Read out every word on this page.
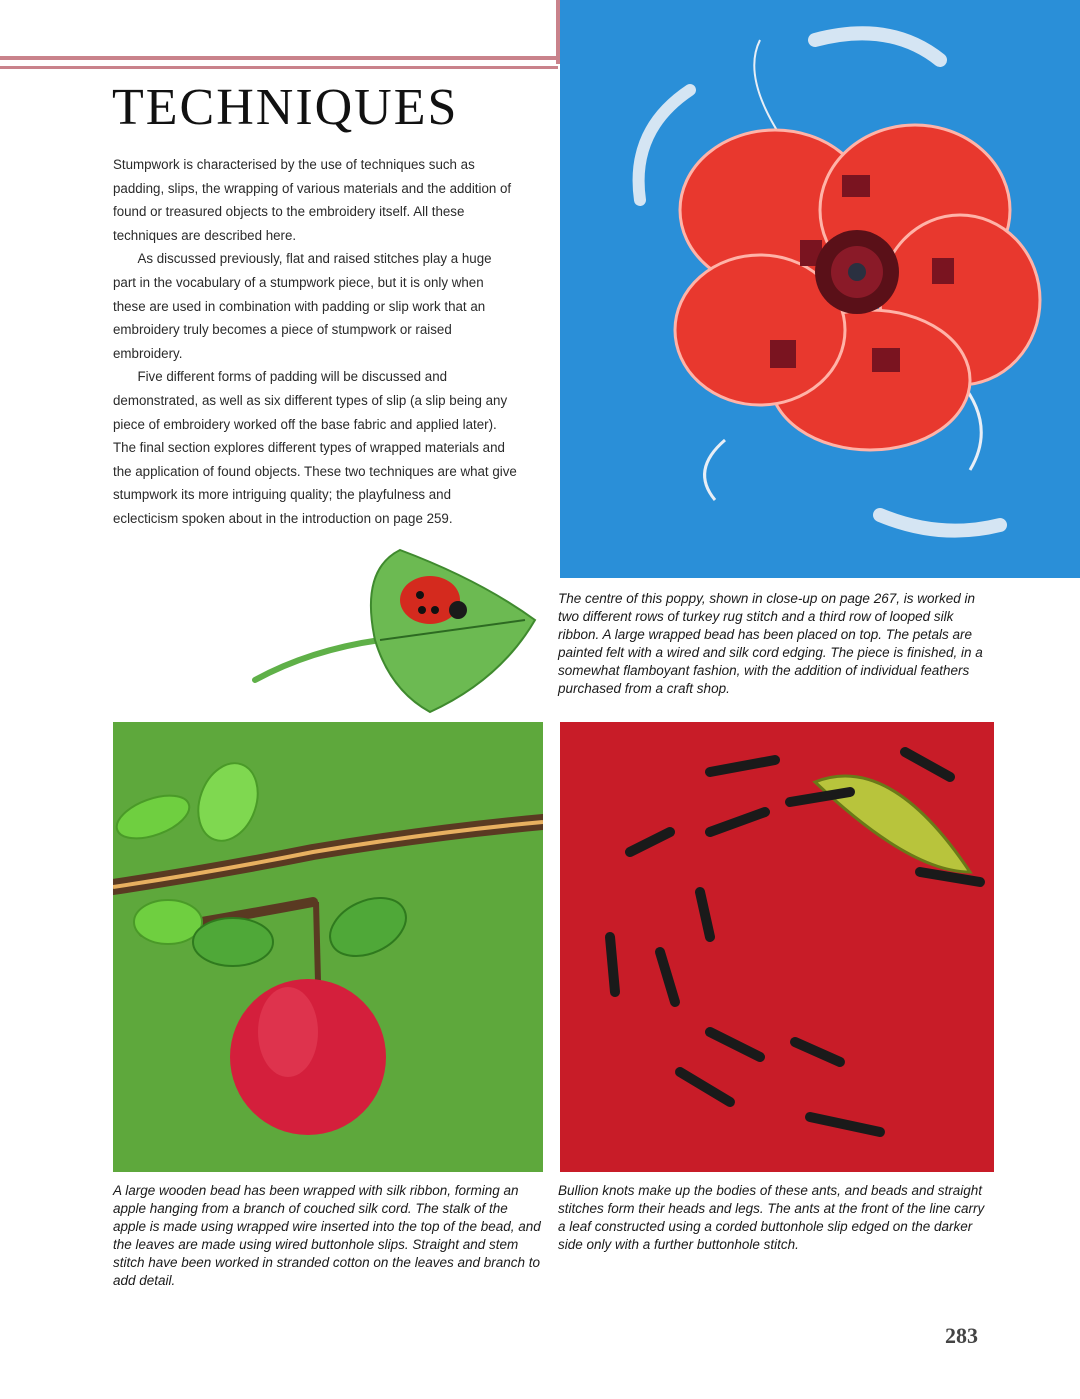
TECHNIQUES

Stumpwork is characterised by the use of techniques such as padding, slips, the wrapping of various materials and the addition of found or treasured objects to the embroidery itself. All these techniques are described here.

As discussed previously, flat and raised stitches play a huge part in the vocabulary of a stumpwork piece, but it is only when these are used in combination with padding or slip work that an embroidery truly becomes a piece of stumpwork or raised embroidery.

Five different forms of padding will be discussed and demonstrated, as well as six different types of slip (a slip being any piece of embroidery worked off the base fabric and applied later). The final section explores different types of wrapped materials and the application of found objects. These two techniques are what give stumpwork its more intriguing quality; the playfulness and eclecticism spoken about in the introduction on page 259.

The centre of this poppy, shown in close-up on page 267, is worked in two different rows of turkey rug stitch and a third row of looped silk ribbon. A large wrapped bead has been placed on top. The petals are painted felt with a wired and silk cord edging. The piece is finished, in a somewhat flamboyant fashion, with the addition of individual feathers purchased from a craft shop.

A large wooden bead has been wrapped with silk ribbon, forming an apple hanging from a branch of couched silk cord. The stalk of the apple is made using wrapped wire inserted into the top of the bead, and the leaves are made using wired buttonhole slips. Straight and stem stitch have been worked in stranded cotton on the leaves and branch to add detail.

Bullion knots make up the bodies of these ants, and beads and straight stitches form their heads and legs. The ants at the front of the line carry a leaf constructed using a corded buttonhole slip edged on the darker side only with a further buttonhole stitch.

283
